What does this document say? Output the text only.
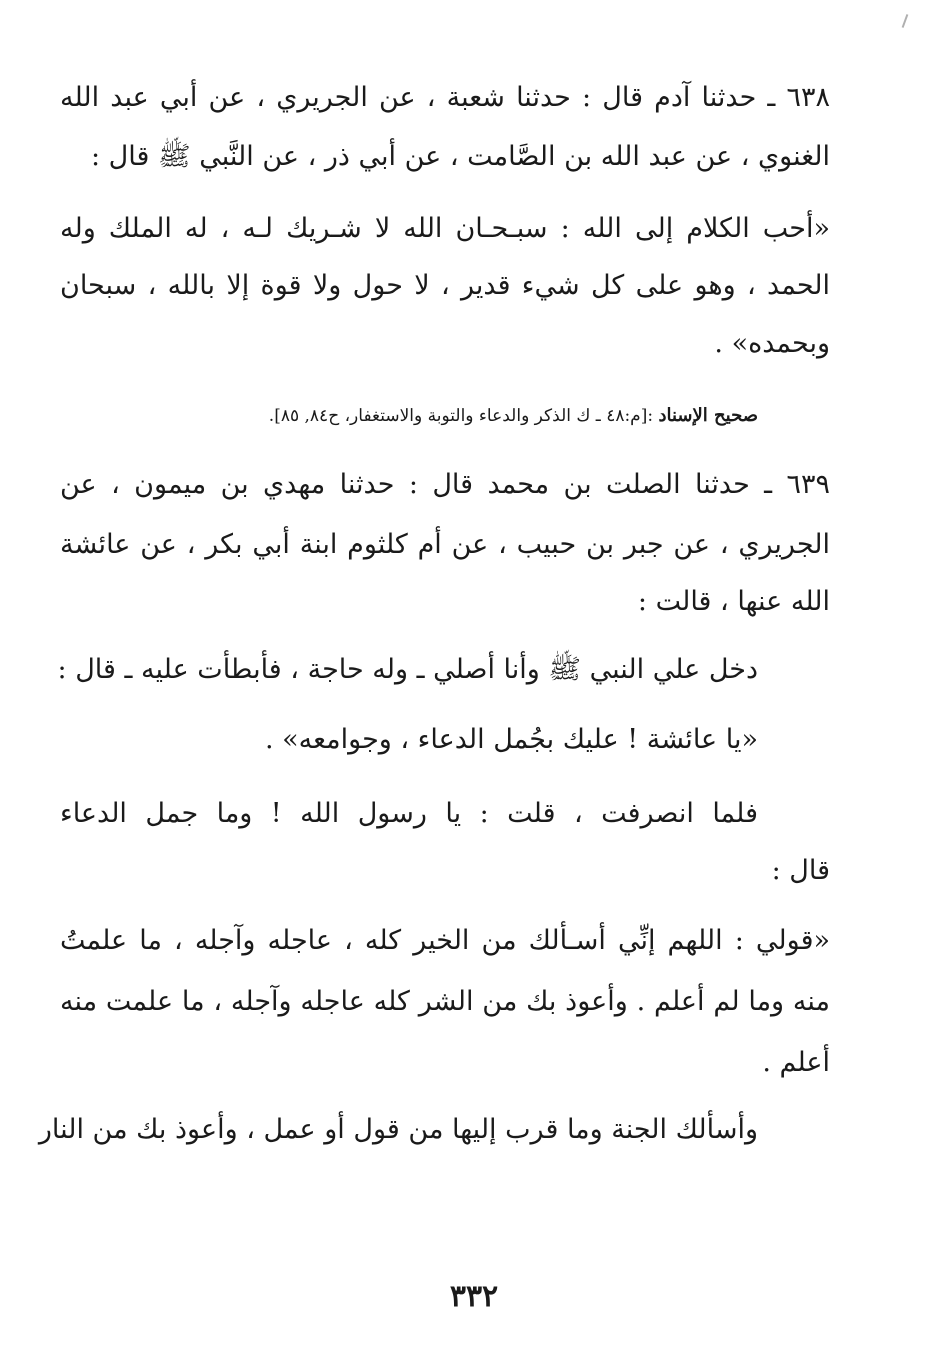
٦٣٨ ـ حدثنا آدم قال : حدثنا شعبة ، عن الجريري ، عن أبي عبد الله
الغنوي ، عن عبد الله بن الصَّامت ، عن أبي ذر ، عن النَّبي ﷺ قال :
«أحب الكلام إلى الله : سبـحـان الله لا شـريك لـه ، له الملك وله
الحمد ، وهو على كل شيء قدير ، لا حول ولا قوة إلا بالله ، سبحان
وبحمده» .
صحيح الإسناد :[م:٤٨ ـ ك الذكر والدعاء والتوبة والاستغفار، ح٨٤, ٨٥].
٦٣٩ ـ حدثنا الصلت بن محمد قال : حدثنا مهدي بن ميمون ، عن
الجريري ، عن جبر بن حبيب ، عن أم كلثوم ابنة أبي بكر ، عن عائشة
الله عنها ، قالت :
دخل علي النبي ﷺ وأنا أصلي ـ وله حاجة ، فأبطأت عليه ـ قال :
«يا عائشة ! عليك بجُمل الدعاء ، وجوامعه» .
فلما انصرفت ، قلت : يا رسول الله ! وما جمل الدعاء
قال :
«قولي : اللهم إنِّي أسـألك من الخير كله ، عاجله وآجله ، ما علمتُ
منه وما لم أعلم . وأعوذ بك من الشر كله عاجله وآجله ، ما علمت منه
أعلم .
وأسألك الجنة وما قرب إليها من قول أو عمل ، وأعوذ بك من النار
٣٣٢
